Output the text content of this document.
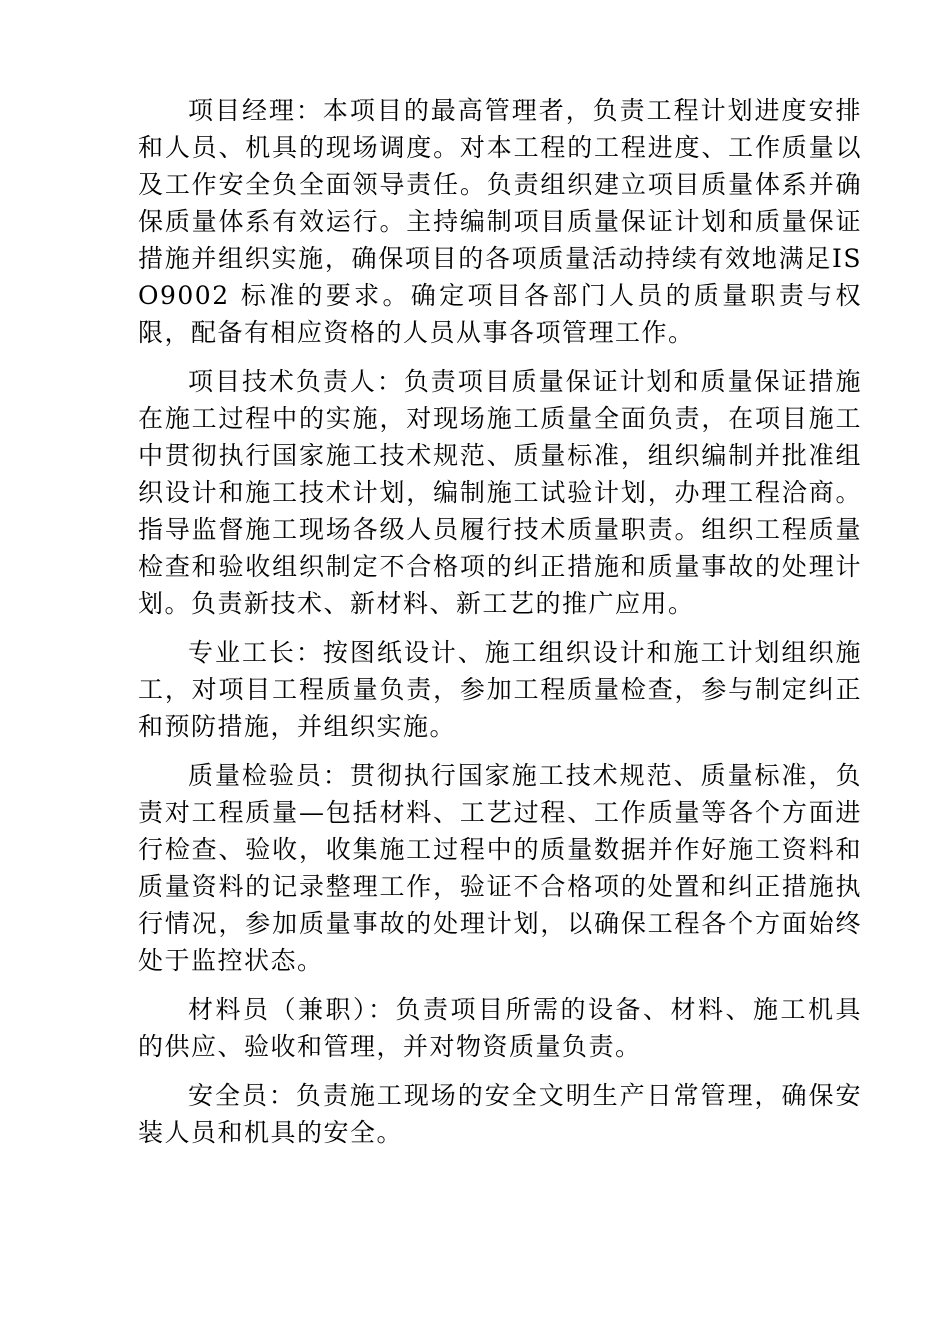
项目经理：本项目的最高管理者，负责工程计划进度安排和人员、机具的现场调度。对本工程的工程进度、工作质量以及工作安全负全面领导责任。负责组织建立项目质量体系并确保质量体系有效运行。主持编制项目质量保证计划和质量保证措施并组织实施，确保项目的各项质量活动持续有效地满足ISO9002 标准的要求。确定项目各部门人员的质量职责与权限，配备有相应资格的人员从事各项管理工作。

项目技术负责人：负责项目质量保证计划和质量保证措施在施工过程中的实施，对现场施工质量全面负责，在项目施工中贯彻执行国家施工技术规范、质量标准，组织编制并批准组织设计和施工技术计划，编制施工试验计划，办理工程洽商。指导监督施工现场各级人员履行技术质量职责。组织工程质量检查和验收组织制定不合格项的纠正措施和质量事故的处理计划。负责新技术、新材料、新工艺的推广应用。

专业工长：按图纸设计、施工组织设计和施工计划组织施工，对项目工程质量负责，参加工程质量检查，参与制定纠正和预防措施，并组织实施。

质量检验员：贯彻执行国家施工技术规范、质量标准，负责对工程质量—包括材料、工艺过程、工作质量等各个方面进行检查、验收，收集施工过程中的质量数据并作好施工资料和质量资料的记录整理工作，验证不合格项的处置和纠正措施执行情况，参加质量事故的处理计划，以确保工程各个方面始终处于监控状态。

材料员（兼职）：负责项目所需的设备、材料、施工机具的供应、验收和管理，并对物资质量负责。

安全员：负责施工现场的安全文明生产日常管理，确保安装人员和机具的安全。
